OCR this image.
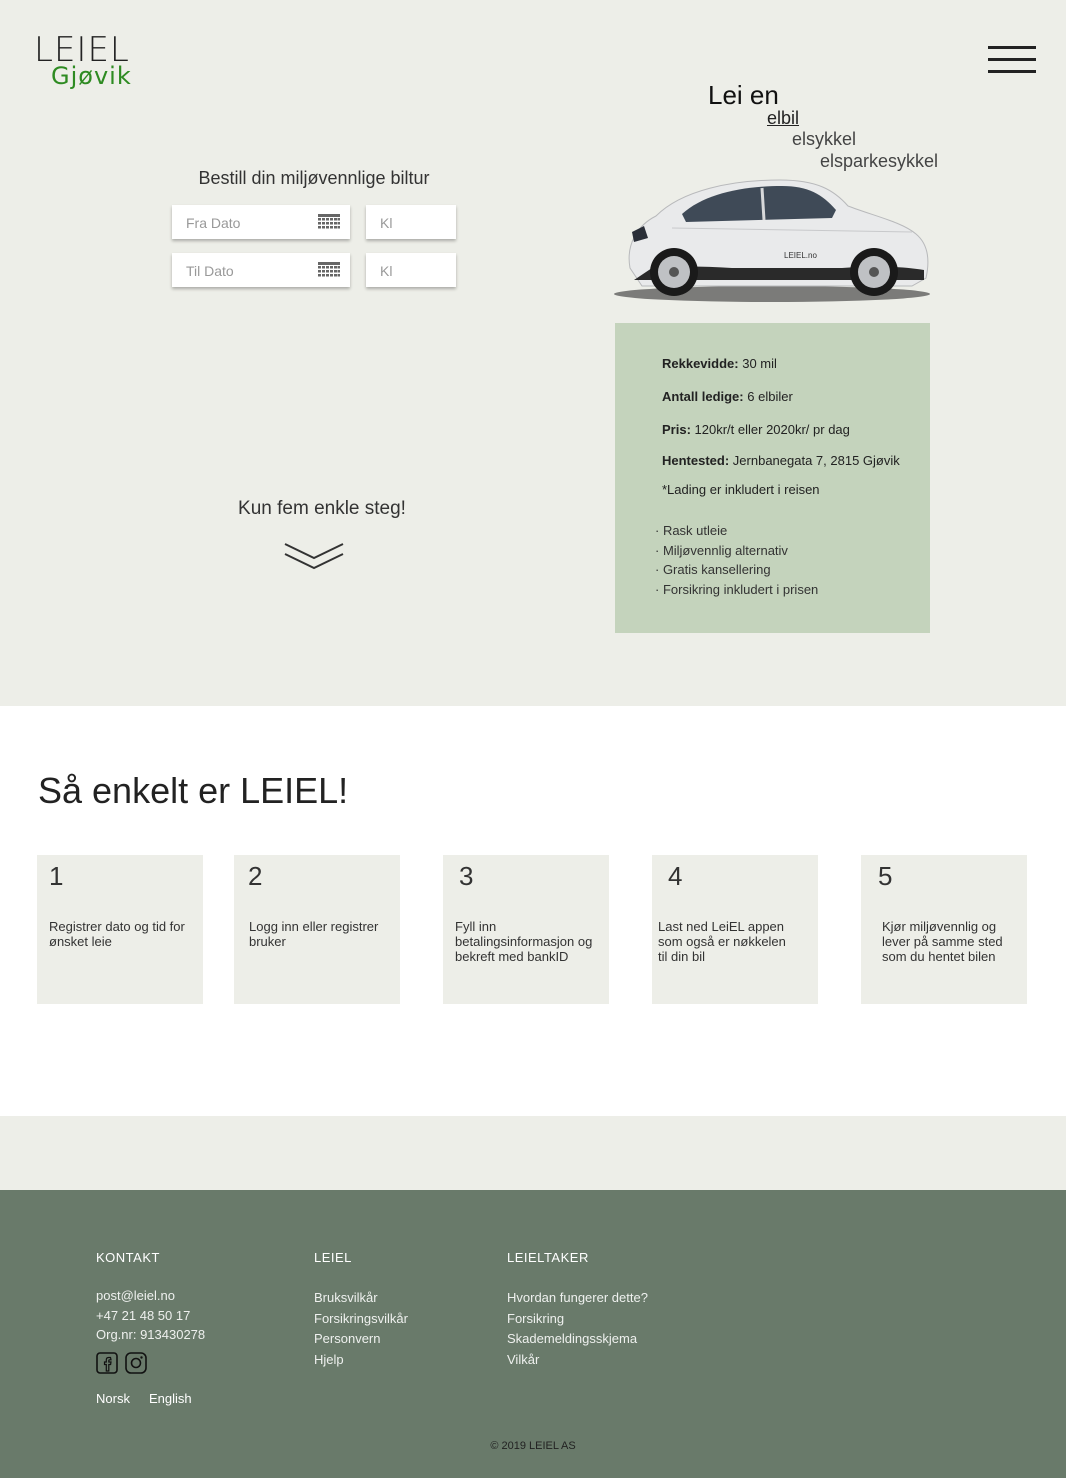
LEIEL
Gjøvik
Lei en
elbil
elsykkel
elsparkesykkel
LEIEL.no
Bestill din miljøvennlige biltur
Fra Dato	Kl
Til Dato	Kl
Kun fem enkle steg!
Rekkevidde: 30 mil
Antall ledige: 6 elbiler
Pris: 120kr/t eller 2020kr/ pr dag
Hentested: Jernbanegata 7, 2815 Gjøvik
*Lading er inkludert i reisen
· Rask utleie
· Miljøvennlig alternativ
· Gratis kansellering
· Forsikring inkludert i prisen
Så enkelt er LEIEL!
1
Registrer dato og tid for ønsket leie
2
Logg inn eller registrer bruker
3
Fyll inn betalingsinformasjon og bekreft med bankID
4
Last ned LeiEL appen som også er nøkkelen til din bil
5
Kjør miljøvennlig og lever på samme sted som du hentet bilen
KONTAKT
post@leiel.no
+47 21 48 50 17
Org.nr: 913430278
Norsk English
LEIEL
Bruksvilkår
Forsikringsvilkår
Personvern
Hjelp
LEIELTAKER
Hvordan fungerer dette?
Forsikring
Skademeldingsskjema
Vilkår
© 2019 LEIEL AS
